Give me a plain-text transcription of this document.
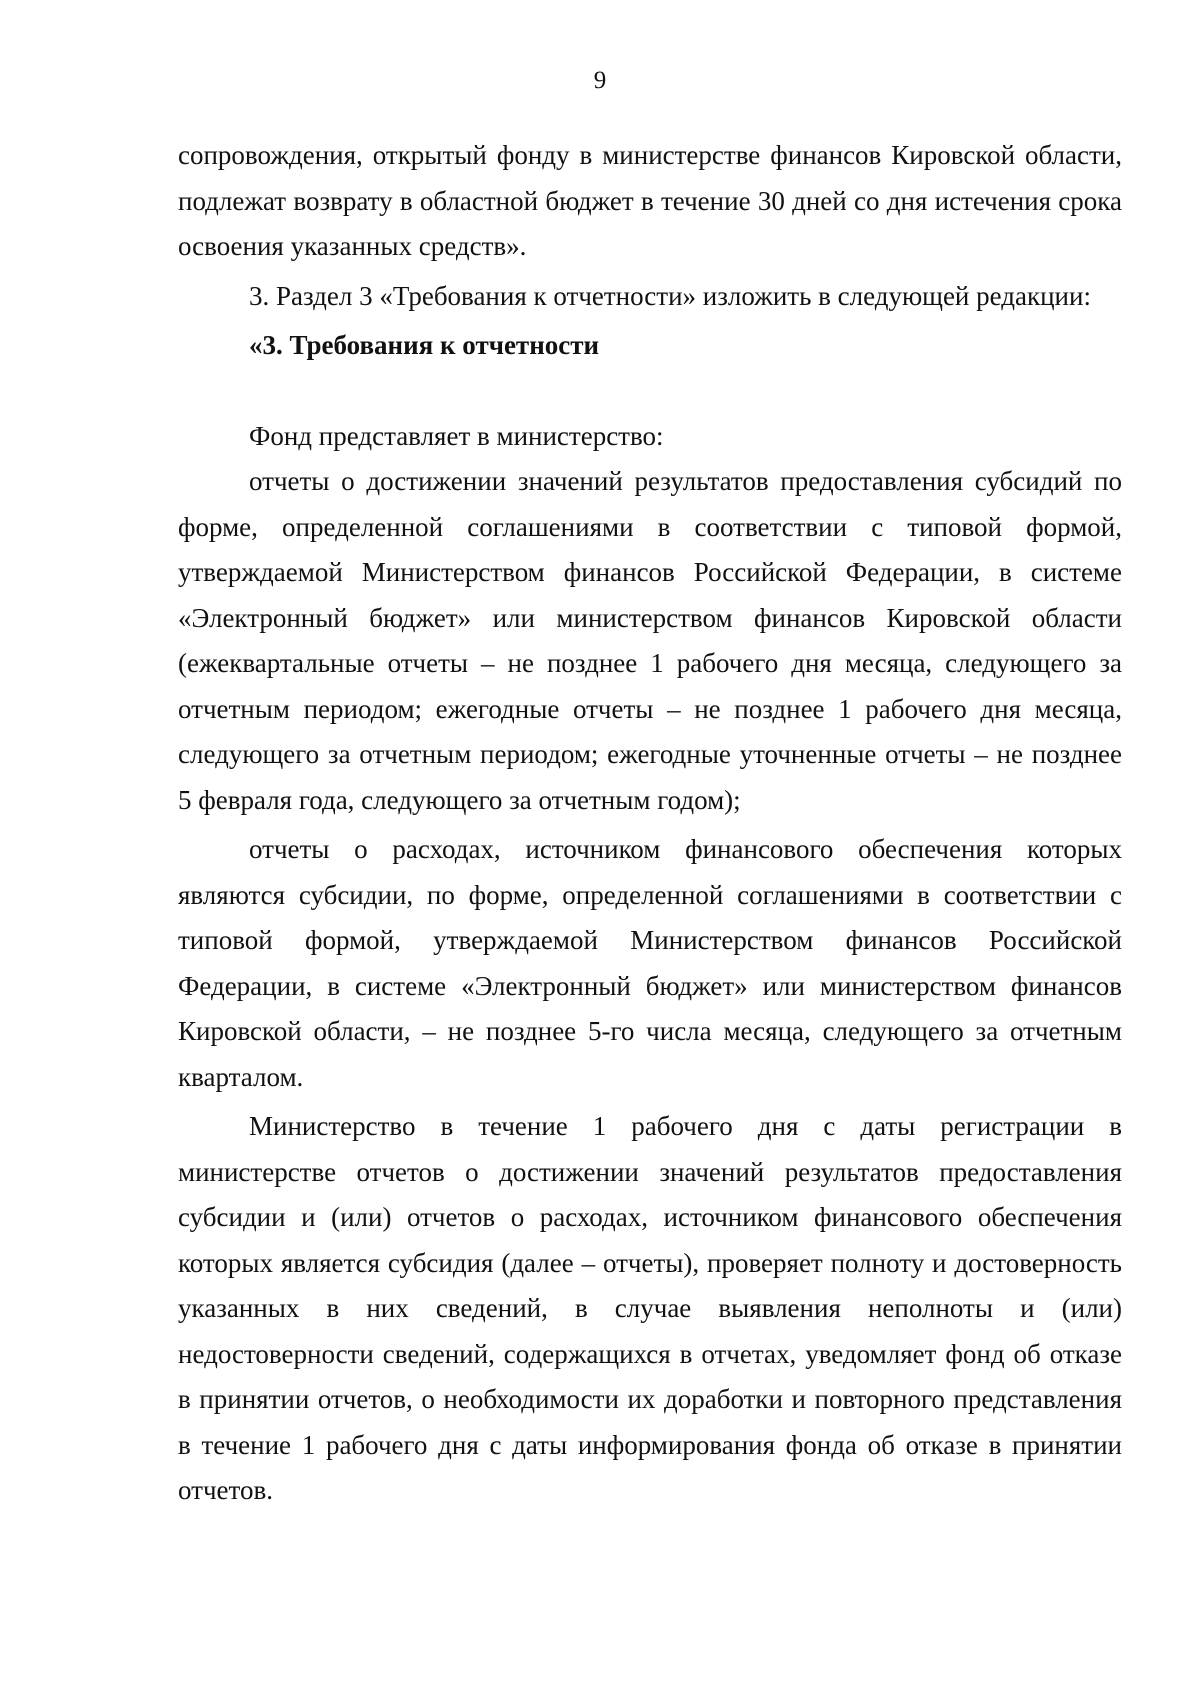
9

сопровождения, открытый фонду в министерстве финансов Кировской области, подлежат возврату в областной бюджет в течение 30 дней со дня истечения срока освоения указанных средств».

3. Раздел 3 «Требования к отчетности» изложить в следующей редакции:

«3. Требования к отчетности

Фонд представляет в министерство:

отчеты о достижении значений результатов предоставления субсидий по форме, определенной соглашениями в соответствии с типовой формой, утверждаемой Министерством финансов Российской Федерации, в системе «Электронный бюджет» или министерством финансов Кировской области (ежеквартальные отчеты – не позднее 1 рабочего дня месяца, следующего за отчетным периодом; ежегодные отчеты – не позднее 1 рабочего дня месяца, следующего за отчетным периодом; ежегодные уточненные отчеты – не позднее 5 февраля года, следующего за отчетным годом);

отчеты о расходах, источником финансового обеспечения которых являются субсидии, по форме, определенной соглашениями в соответствии с типовой формой, утверждаемой Министерством финансов Российской Федерации, в системе «Электронный бюджет» или министерством финансов Кировской области, – не позднее 5-го числа месяца, следующего за отчетным кварталом.

Министерство в течение 1 рабочего дня с даты регистрации в министерстве отчетов о достижении значений результатов предоставления субсидии и (или) отчетов о расходах, источником финансового обеспечения которых является субсидия (далее – отчеты), проверяет полноту и достоверность указанных в них сведений, в случае выявления неполноты и (или) недостоверности сведений, содержащихся в отчетах, уведомляет фонд об отказе в принятии отчетов, о необходимости их доработки и повторного представления в течение 1 рабочего дня с даты информирования фонда об отказе в принятии отчетов.
